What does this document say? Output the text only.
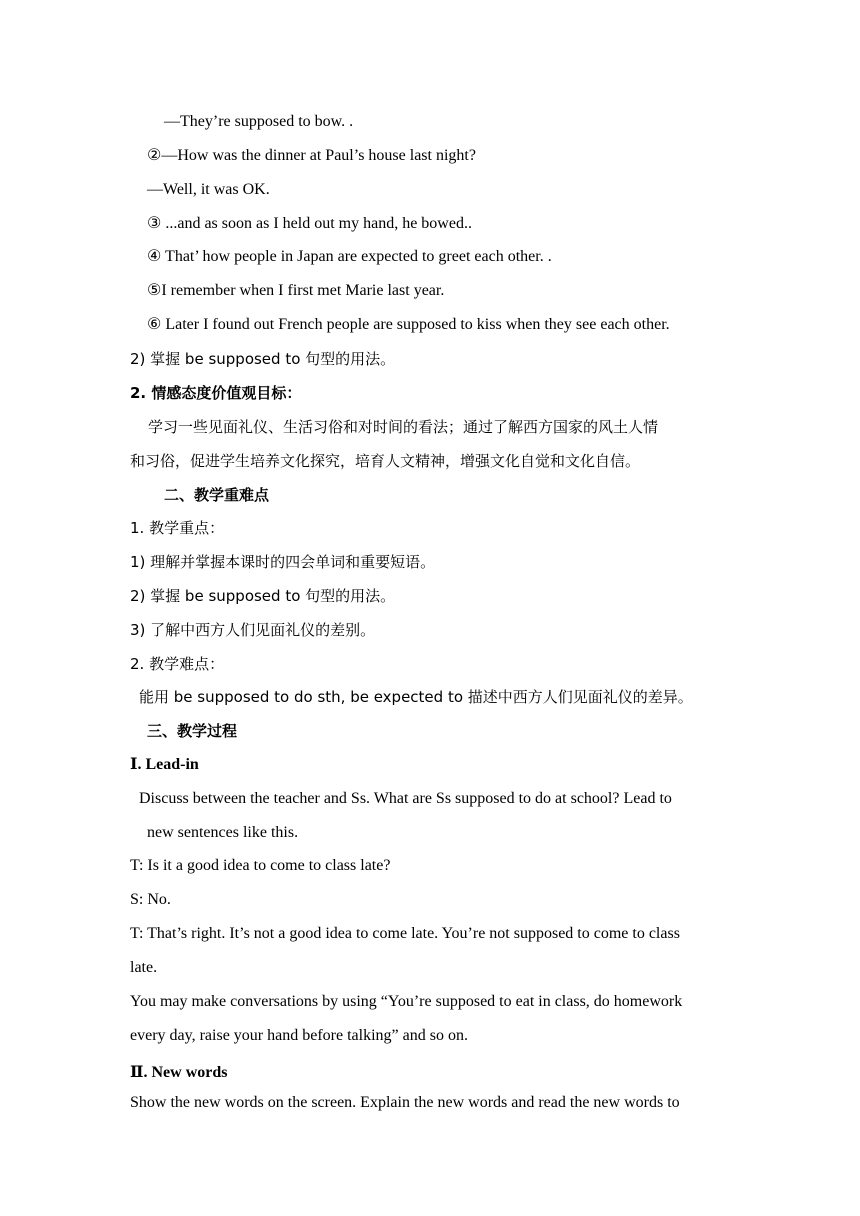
—They’re supposed to bow. .
②—How was the dinner at Paul’s house last night?
—Well, it was OK.
③ ...and as soon as I held out my hand, he bowed..
④ That’ how people in Japan are expected to greet each other. .
⑤I remember when I first met Marie last year.
⑥ Later I found out French people are supposed to kiss when they see each other.
2) 掌握 be supposed to 句型的用法。
2. 情感态度价值观目标：
学习一些见面礼仪、生活习俗和对时间的看法；通过了解西方国家的风土人情
和习俗，促进学生培养文化探究，培育人文精神，增强文化自觉和文化自信。
二、教学重难点
1. 教学重点：
1) 理解并掌握本课时的四会单词和重要短语。
2) 掌握 be supposed to 句型的用法。
3) 了解中西方人们见面礼仪的差别。
2. 教学难点：
能用 be supposed to do sth, be expected to 描述中西方人们见面礼仪的差异。
三、教学过程
Ⅰ. Lead-in
Discuss between the teacher and Ss. What are Ss supposed to do at school? Lead to
new sentences like this.
T: Is it a good idea to come to class late?
S: No.
T: That’s right. It’s not a good idea to come late. You’re not supposed to come to class
late.
You may make conversations by using “You’re supposed to eat in class, do homework
every day, raise your hand before talking” and so on.
Ⅱ. New words
Show the new words on the screen. Explain the new words and read the new words to
